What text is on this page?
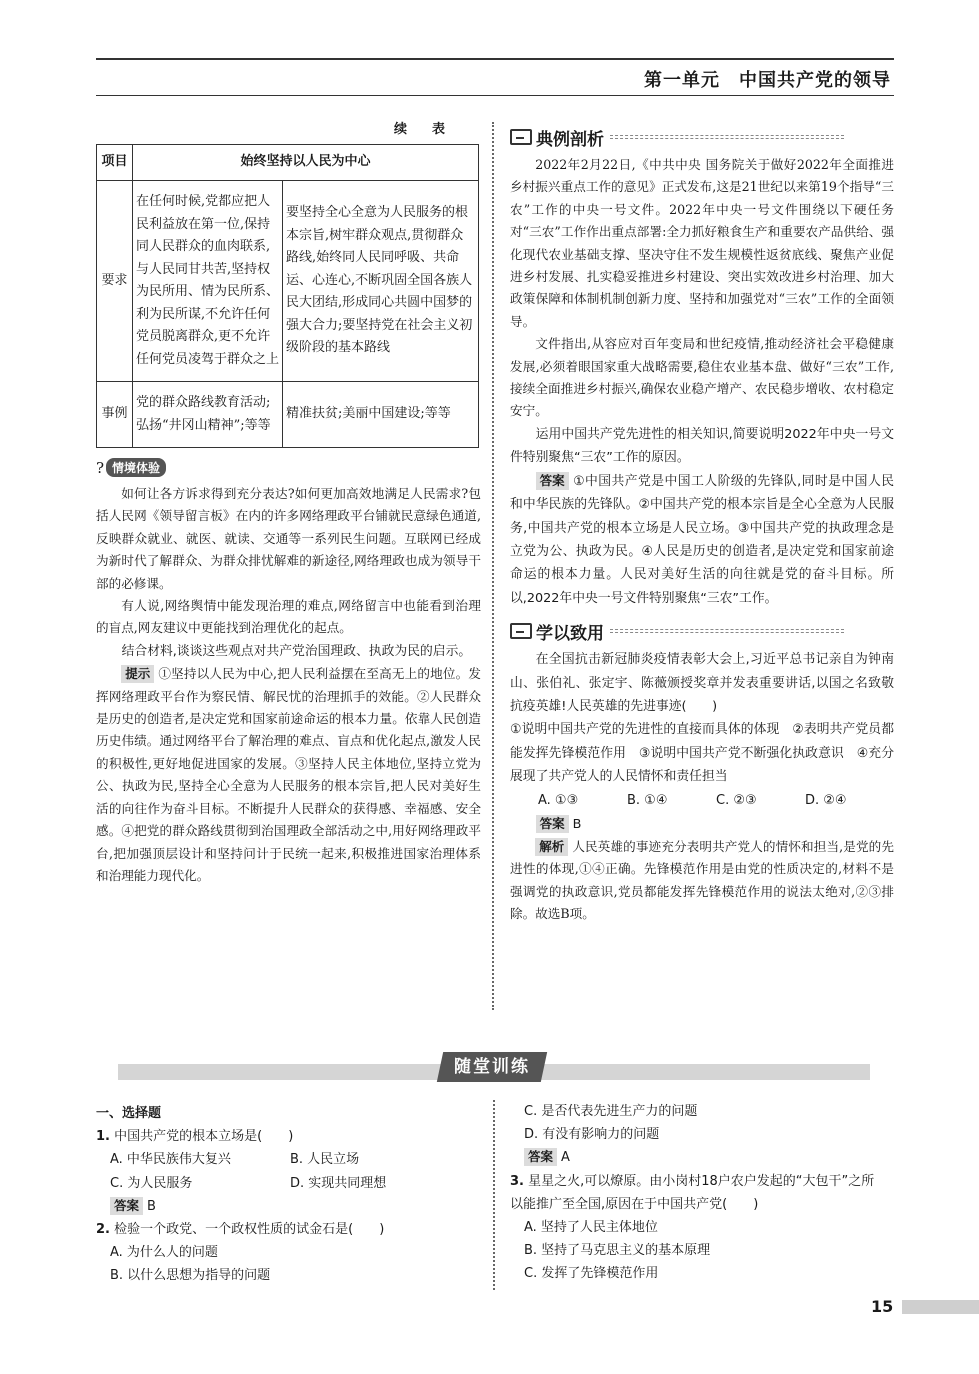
第一单元　中国共产党的领导
续　表
项目	始终坚持以人民为中心	
要求	在任何时候,党都应把人民利益放在第一位,保持同人民群众的血肉联系,与人民同甘共苦,坚持权为民所用、情为民所系、利为民所谋,不允许任何党员脱离群众,更不允许任何党员凌驾于群众之上	要坚持全心全意为人民服务的根本宗旨,树牢群众观点,贯彻群众路线,始终同人民同呼吸、共命运、心连心,不断巩固全国各族人民大团结,形成同心共圆中国梦的强大合力;要坚持党在社会主义初级阶段的基本路线
事例	党的群众路线教育活动;弘扬“井冈山精神”;等等	精准扶贫;美丽中国建设;等等
? 情境体验

如何让各方诉求得到充分表达?如何更加高效地满足人民需求?包括人民网《领导留言板》在内的许多网络理政平台铺就民意绿色通道,反映群众就业、就医、就读、交通等一系列民生问题。互联网已经成为新时代了解群众、为群众排忧解难的新途径,网络理政也成为领导干部的必修课。

有人说,网络舆情中能发现治理的难点,网络留言中也能看到治理的盲点,网友建议中更能找到治理优化的起点。

结合材料,谈谈这些观点对共产党治国理政、执政为民的启示。

提示 ①坚持以人民为中心,把人民利益摆在至高无上的地位。发挥网络理政平台作为察民情、解民忧的治理抓手的效能。②人民群众是历史的创造者,是决定党和国家前途命运的根本力量。依靠人民创造历史伟绩。通过网络平台了解治理的难点、盲点和优化起点,激发人民的积极性,更好地促进国家的发展。③坚持人民主体地位,坚持立党为公、执政为民,坚持全心全意为人民服务的根本宗旨,把人民对美好生活的向往作为奋斗目标。不断提升人民群众的获得感、幸福感、安全感。④把党的群众路线贯彻到治国理政全部活动之中,用好网络理政平台,把加强顶层设计和坚持问计于民统一起来,积极推进国家治理体系和治理能力现代化。

典例剖析

2022年2月22日,《中共中央 国务院关于做好2022年全面推进乡村振兴重点工作的意见》正式发布,这是21世纪以来第19个指导“三农”工作的中央一号文件。2022年中央一号文件围绕以下硬任务对“三农”工作作出重点部署:全力抓好粮食生产和重要农产品供给、强化现代农业基础支撑、坚决守住不发生规模性返贫底线、聚焦产业促进乡村发展、扎实稳妥推进乡村建设、突出实效改进乡村治理、加大政策保障和体制机制创新力度、坚持和加强党对“三农”工作的全面领导。

文件指出,从容应对百年变局和世纪疫情,推动经济社会平稳健康发展,必须着眼国家重大战略需要,稳住农业基本盘、做好“三农”工作,接续全面推进乡村振兴,确保农业稳产增产、农民稳步增收、农村稳定安宁。

运用中国共产党先进性的相关知识,简要说明2022年中央一号文件特别聚焦“三农”工作的原因。

答案 ①中国共产党是中国工人阶级的先锋队,同时是中国人民和中华民族的先锋队。②中国共产党的根本宗旨是全心全意为人民服务,中国共产党的根本立场是人民立场。③中国共产党的执政理念是立党为公、执政为民。④人民是历史的创造者,是决定党和国家前途命运的根本力量。人民对美好生活的向往就是党的奋斗目标。所以,2022年中央一号文件特别聚焦“三农”工作。

学以致用

在全国抗击新冠肺炎疫情表彰大会上,习近平总书记亲自为钟南山、张伯礼、张定宇、陈薇颁授奖章并发表重要讲话,以国之名致敬抗疫英雄!人民英雄的先进事迹(　　)

①说明中国共产党的先进性的直接而具体的体现　②表明共产党员都能发挥先锋模范作用　③说明中国共产党不断强化执政意识　④充分展现了共产党人的人民情怀和责任担当

A. ①③	B. ①④	C. ②③	D. ②④

答案 B

解析 人民英雄的事迹充分表明共产党人的情怀和担当,是党的先进性的体现,①④正确。先锋模范作用是由党的性质决定的,材料不是强调党的执政意识,党员都能发挥先锋模范作用的说法太绝对,②③排除。故选B项。

随堂训练
一、选择题
1. 中国共产党的根本立场是(　　)
A. 中华民族伟大复兴	B. 人民立场
C. 为人民服务	D. 实现共同理想
答案 B
2. 检验一个政党、一个政权性质的试金石是(　　)
A. 为什么人的问题
B. 以什么思想为指导的问题
C. 是否代表先进生产力的问题
D. 有没有影响力的问题
答案 A
3. 星星之火,可以燎原。由小岗村18户农户发起的“大包干”之所以能推广至全国,原因在于中国共产党(　　)
A. 坚持了人民主体地位
B. 坚持了马克思主义的基本原理
C. 发挥了先锋模范作用
15
